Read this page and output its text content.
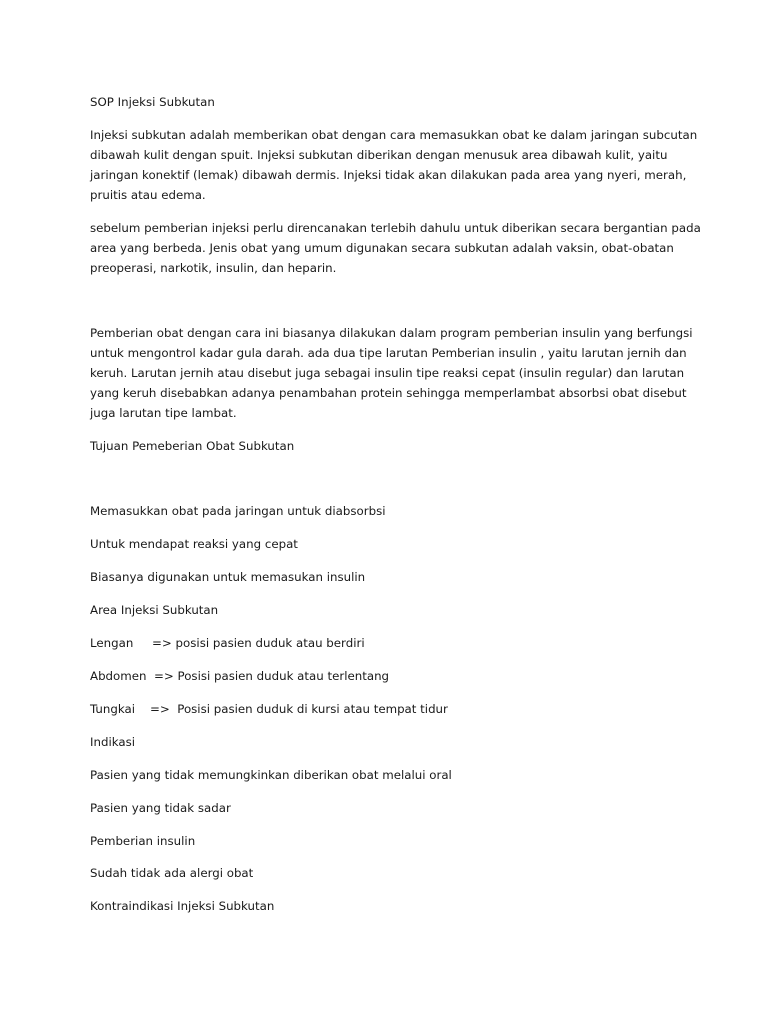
SOP Injeksi Subkutan

Injeksi subkutan adalah memberikan obat dengan cara memasukkan obat ke dalam jaringan subcutan
dibawah kulit dengan spuit. Injeksi subkutan diberikan dengan menusuk area dibawah kulit, yaitu
jaringan konektif (lemak) dibawah dermis. Injeksi tidak akan dilakukan pada area yang nyeri, merah,
pruitis atau edema.
sebelum pemberian injeksi perlu direncanakan terlebih dahulu untuk diberikan secara bergantian pada
area yang berbeda. Jenis obat yang umum digunakan secara subkutan adalah vaksin, obat-obatan
preoperasi, narkotik, insulin, dan heparin.
Pemberian obat dengan cara ini biasanya dilakukan dalam program pemberian insulin yang berfungsi
untuk mengontrol kadar gula darah. ada dua tipe larutan Pemberian insulin , yaitu larutan jernih dan
keruh. Larutan jernih atau disebut juga sebagai insulin tipe reaksi cepat (insulin regular) dan larutan
yang keruh disebabkan adanya penambahan protein sehingga memperlambat absorbsi obat disebut
juga larutan tipe lambat.

Tujuan Pemeberian Obat Subkutan

Memasukkan obat pada jaringan untuk diabsorbsi

Untuk mendapat reaksi yang cepat

Biasanya digunakan untuk memasukan insulin

Area Injeksi Subkutan

Lengan     => posisi pasien duduk atau berdiri

Abdomen  => Posisi pasien duduk atau terlentang

Tungkai    =>  Posisi pasien duduk di kursi atau tempat tidur

Indikasi

Pasien yang tidak memungkinkan diberikan obat melalui oral

Pasien yang tidak sadar

Pemberian insulin

Sudah tidak ada alergi obat

Kontraindikasi Injeksi Subkutan
